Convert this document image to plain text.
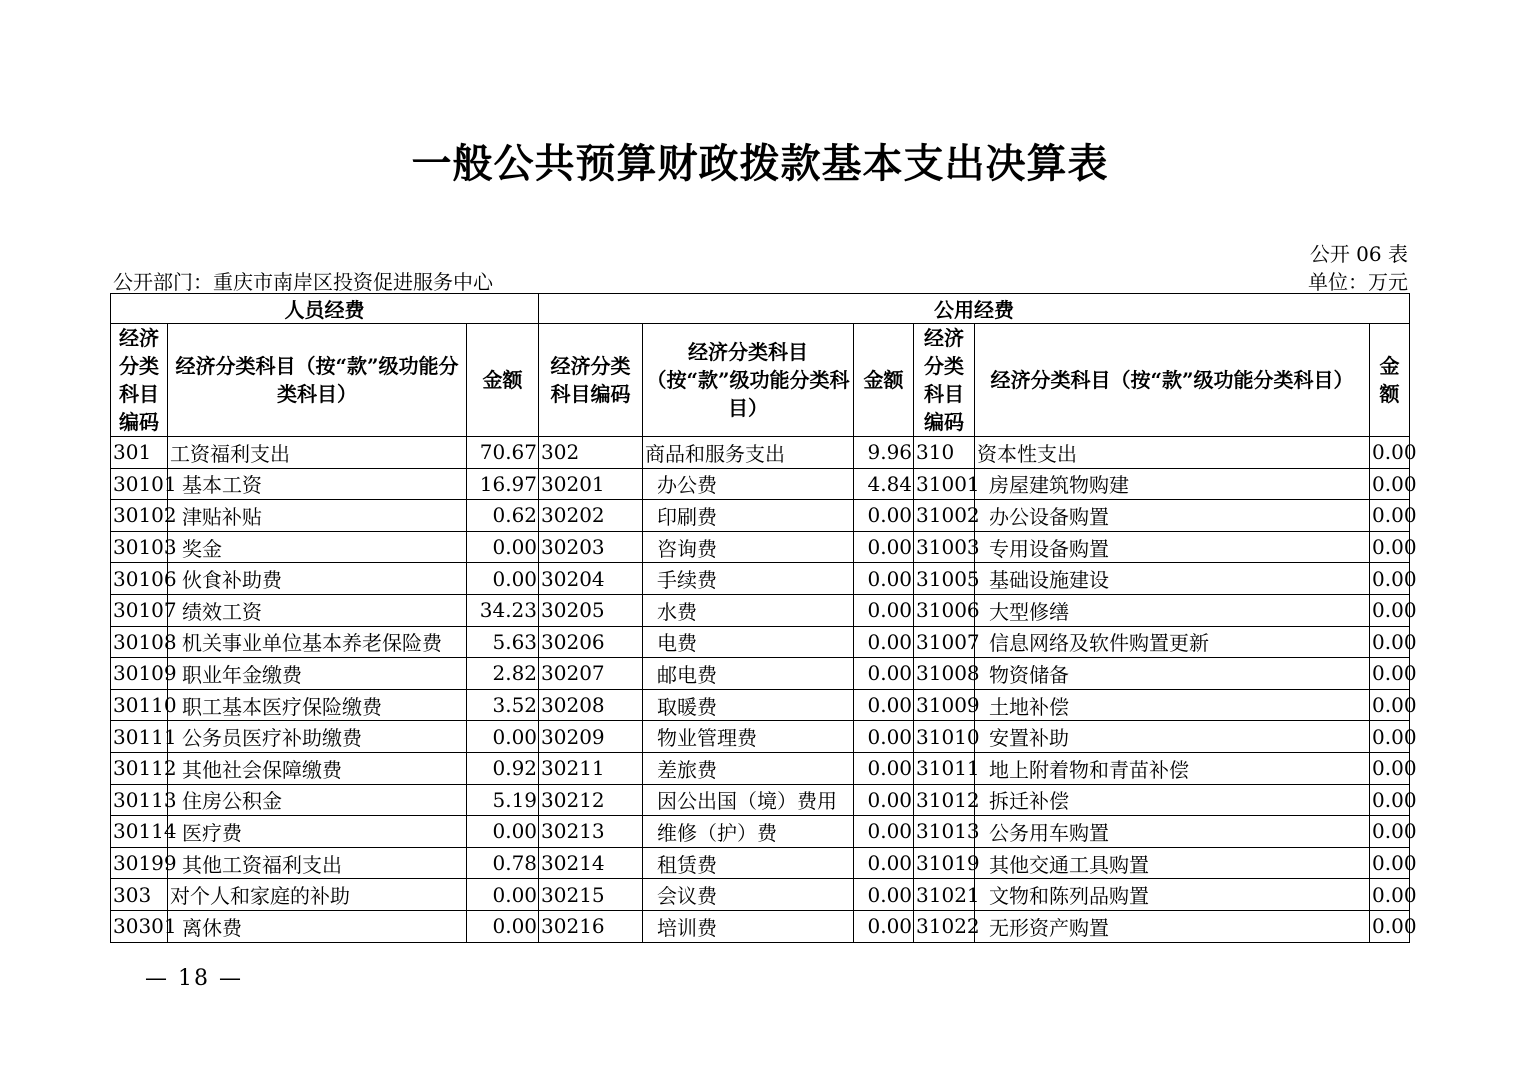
一般公共预算财政拨款基本支出决算表
公开 06 表
公开部门：重庆市南岸区投资促进服务中心	单位：万元
人员经费			公用经费					
经济分类科目编码	经济分类科目（按“款”级功能分类科目）	金额	经济分类科目编码	经济分类科目（按“款”级功能分类科目）	金额	经济分类科目编码	经济分类科目（按“款”级功能分类科目）	金额
301	工资福利支出	70.67	302	商品和服务支出	9.96	310	资本性支出	0.00
30101	基本工资	16.97	30201	办公费	4.84	31001	房屋建筑物购建	0.00
30102	津贴补贴	0.62	30202	印刷费	0.00	31002	办公设备购置	0.00
30103	奖金	0.00	30203	咨询费	0.00	31003	专用设备购置	0.00
30106	伙食补助费	0.00	30204	手续费	0.00	31005	基础设施建设	0.00
30107	绩效工资	34.23	30205	水费	0.00	31006	大型修缮	0.00
30108	机关事业单位基本养老保险费	5.63	30206	电费	0.00	31007	信息网络及软件购置更新	0.00
30109	职业年金缴费	2.82	30207	邮电费	0.00	31008	物资储备	0.00
30110	职工基本医疗保险缴费	3.52	30208	取暖费	0.00	31009	土地补偿	0.00
30111	公务员医疗补助缴费	0.00	30209	物业管理费	0.00	31010	安置补助	0.00
30112	其他社会保障缴费	0.92	30211	差旅费	0.00	31011	地上附着物和青苗补偿	0.00
30113	住房公积金	5.19	30212	因公出国（境）费用	0.00	31012	拆迁补偿	0.00
30114	医疗费	0.00	30213	维修（护）费	0.00	31013	公务用车购置	0.00
30199	其他工资福利支出	0.78	30214	租赁费	0.00	31019	其他交通工具购置	0.00
303	对个人和家庭的补助	0.00	30215	会议费	0.00	31021	文物和陈列品购置	0.00
30301	离休费	0.00	30216	培训费	0.00	31022	无形资产购置	0.00
— 18 —
